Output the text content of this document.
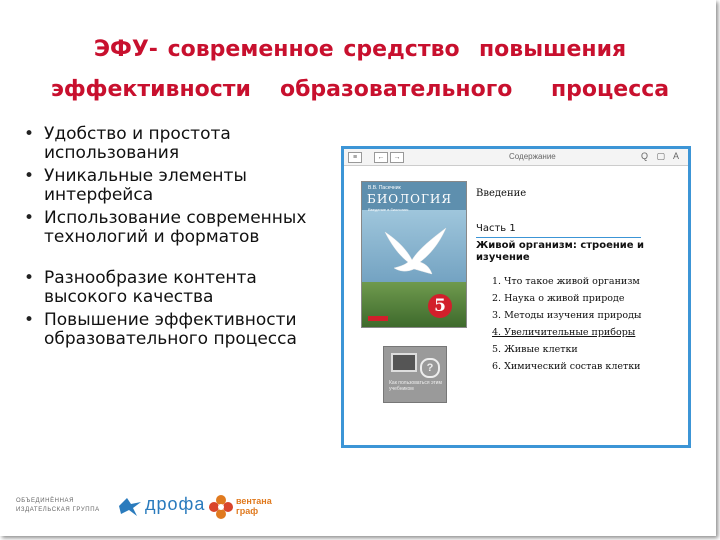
ЭФУ- современное средство  повышения
эффективности   образовательного    процесса
• Удобство и простота использования
• Уникальные элементы интерфейса
• Использование современных технологий и форматов
• Разнообразие контента высокого качества
• Повышение эффективности образовательного процесса
≡	←	→	Содержание	Q ▢ A
В.В. Пасечник
БИОЛОГИЯ
Введение в биологию
5
?
Как пользоваться этим учебником
Введение
Часть 1
Живой организм: строение и изучение
1. Что такое живой организм
2. Наука о живой природе
3. Методы изучения природы
4. Увеличительные приборы
5. Живые клетки
6. Химический состав клетки
ОБЪЕДИНЁННАЯ
ИЗДАТЕЛЬСКАЯ ГРУППА	дрофа	вентана
граф
